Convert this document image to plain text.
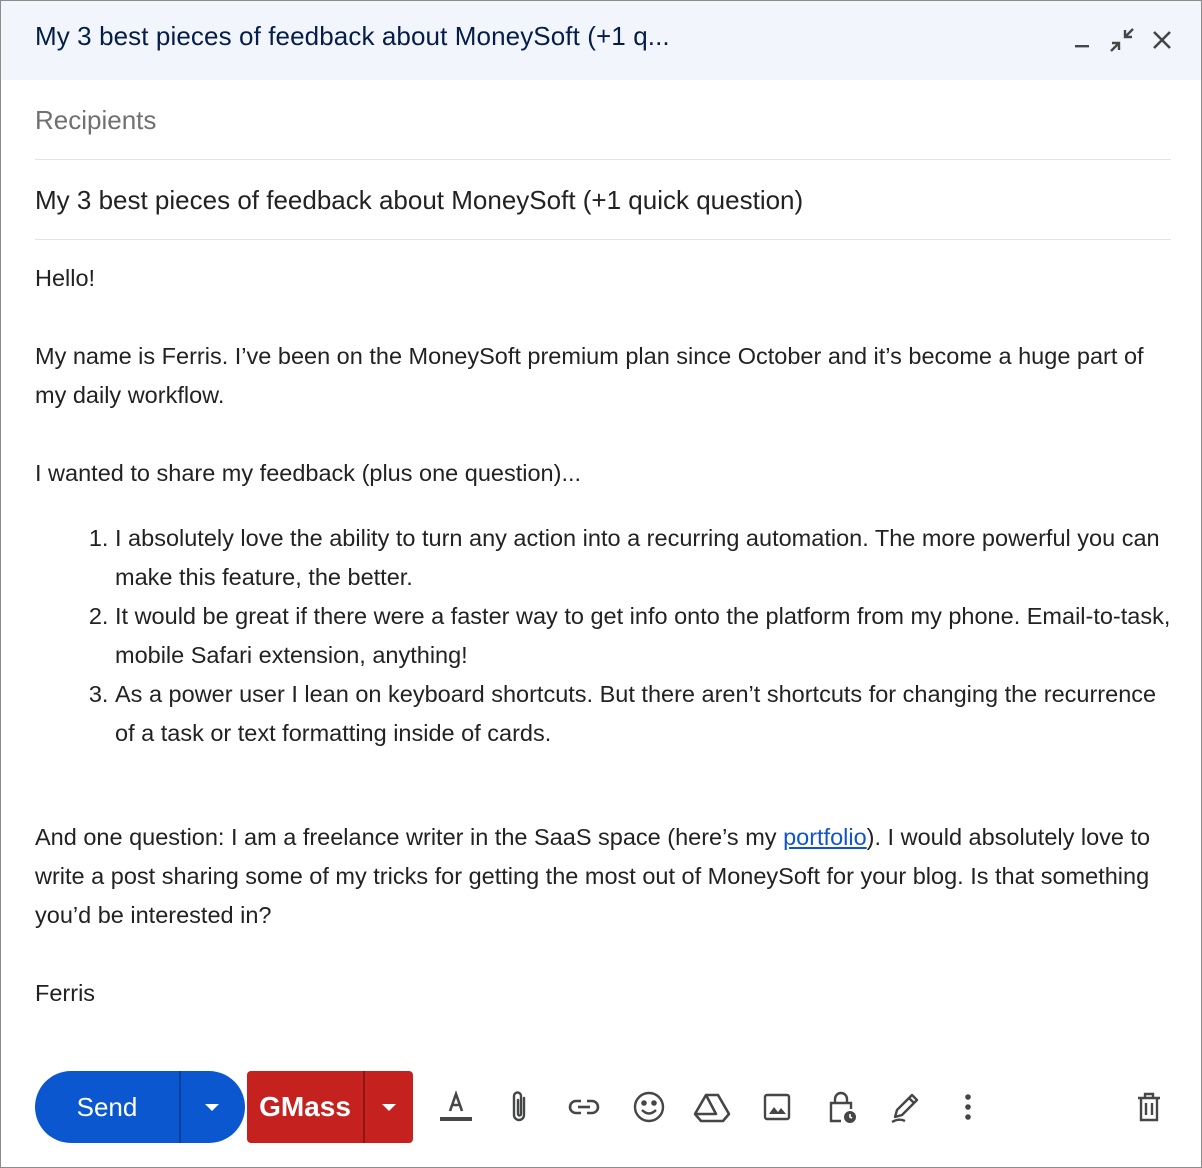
My 3 best pieces of feedback about MoneySoft (+1 q...
Recipients
My 3 best pieces of feedback about MoneySoft (+1 quick question)

Hello!

My name is Ferris. I’ve been on the MoneySoft premium plan since October and it’s become a huge part of my daily workflow.

I wanted to share my feedback (plus one question)...

1. I absolutely love the ability to turn any action into a recurring automation. The more powerful you can make this feature, the better.
2. It would be great if there were a faster way to get info onto the platform from my phone. Email-to-task, mobile Safari extension, anything!
3. As a power user I lean on keyboard shortcuts. But there aren’t shortcuts for changing the recurrence of a task or text formatting inside of cards.

And one question: I am a freelance writer in the SaaS space (here’s my portfolio). I would absolutely love to write a post sharing some of my tricks for getting the most out of MoneySoft for your blog. Is that something you’d be interested in?

Ferris

Send	GMass
